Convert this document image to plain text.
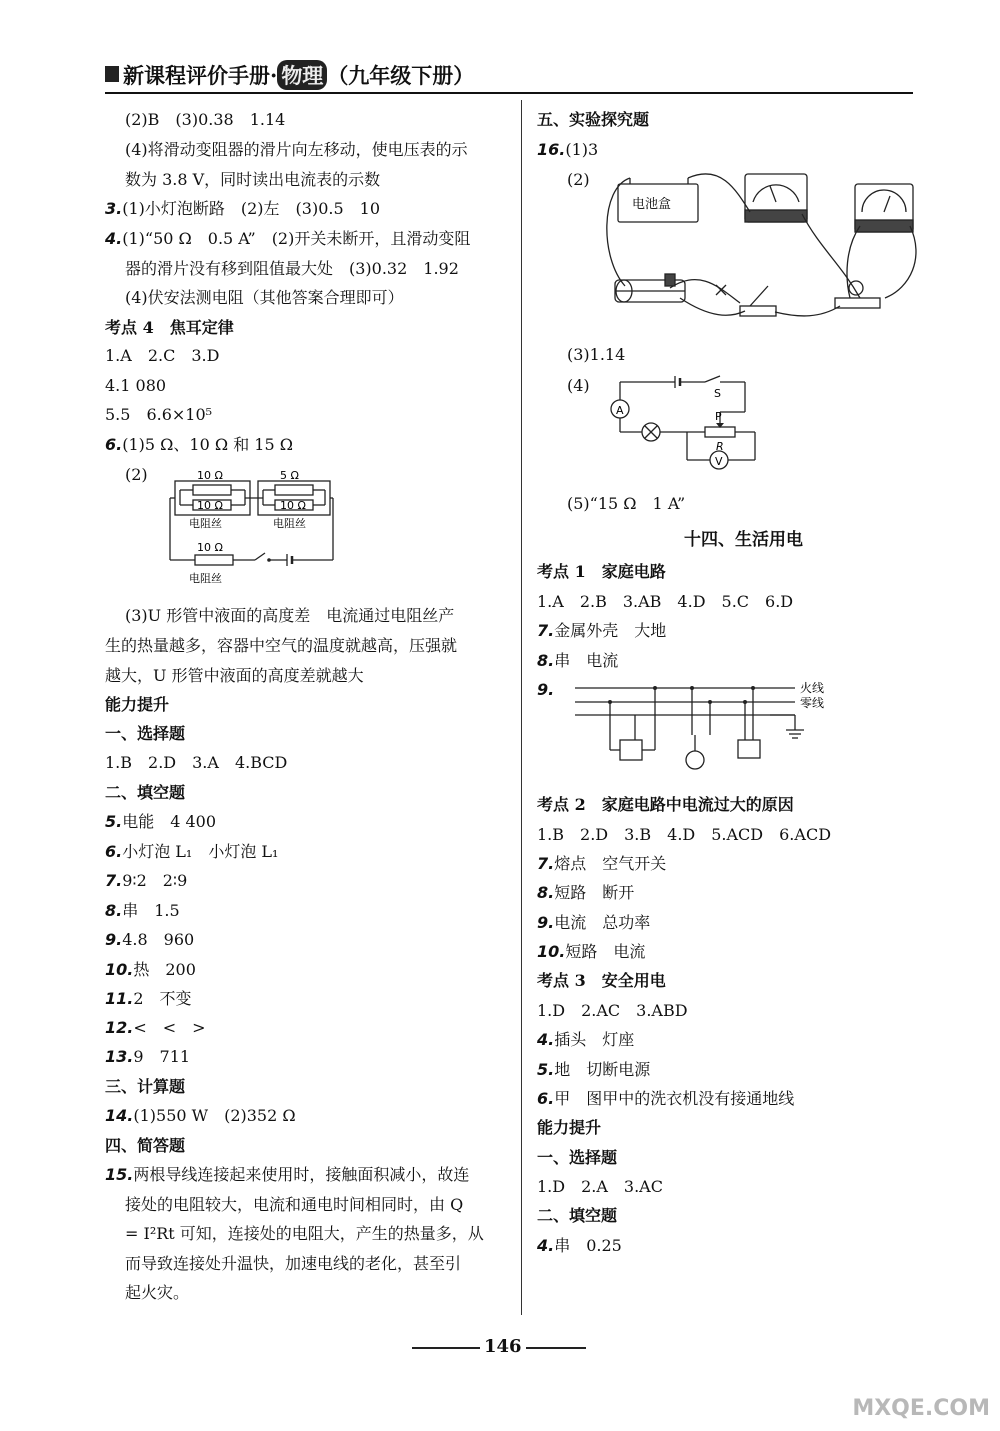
新课程评价手册· 物理 （九年级下册）
(2)B　(3)0.38　1.14
(4)将滑动变阻器的滑片向左移动，使电压表的示
数为 3.8 V，同时读出电流表的示数
3.(1)小灯泡断路　(2)左　(3)0.5　10
4.(1)“50 Ω　0.5 A”　(2)开关未断开，且滑动变阻
器的滑片没有移到阻值最大处　(3)0.32　1.92
(4)伏安法测电阻（其他答案合理即可）
考点 4　焦耳定律
1.A　2.C　3.D
4.1 080
5.5　6.6×10⁵
6.(1)5 Ω、10 Ω 和 15 Ω
(2)	10 Ω
10 Ω
5 Ω
10 Ω
10 Ω
电阻丝	电阻丝
电阻丝
(3)U 形管中液面的高度差　电流通过电阻丝产
生的热量越多，容器中空气的温度就越高，压强就
越大，U 形管中液面的高度差就越大
能力提升
一、选择题
1.B　2.D　3.A　4.BCD
二、填空题
5.电能　4 400
6.小灯泡 L₁　小灯泡 L₁
7.9∶2　2∶9
8.串　1.5
9.4.8　960
10.热　200
11.2　不变
12.<　<　>
13.9　711
三、计算题
14.(1)550 W　(2)352 Ω
四、简答题
15.两根导线连接起来使用时，接触面积减小，故连
接处的电阻较大，电流和通电时间相同时，由 Q
= I²Rt 可知，连接处的电阻大，产生的热量多，从
而导致连接处升温快，加速电线的老化，甚至引
起火灾。
五、实验探究题
16.(1)3
(2)
电池盒
(3)1.14
(4)
A
V
S
P
R
(5)“15 Ω　1 A”
十四、生活用电
考点 1　家庭电路
1.A　2.B　3.AB　4.D　5.C　6.D
7.金属外壳　大地
8.串　电流
9.	火线
零线
考点 2　家庭电路中电流过大的原因
1.B　2.D　3.B　4.D　5.ACD　6.ACD
7.熔点　空气开关
8.短路　断开
9.电流　总功率
10.短路　电流
考点 3　安全用电
1.D　2.AC　3.ABD
4.插头　灯座
5.地　切断电源
6.甲　图甲中的洗衣机没有接通地线
能力提升
一、选择题
1.D　2.A　3.AC
二、填空题
4.串　0.25
146
MXQE.COM
